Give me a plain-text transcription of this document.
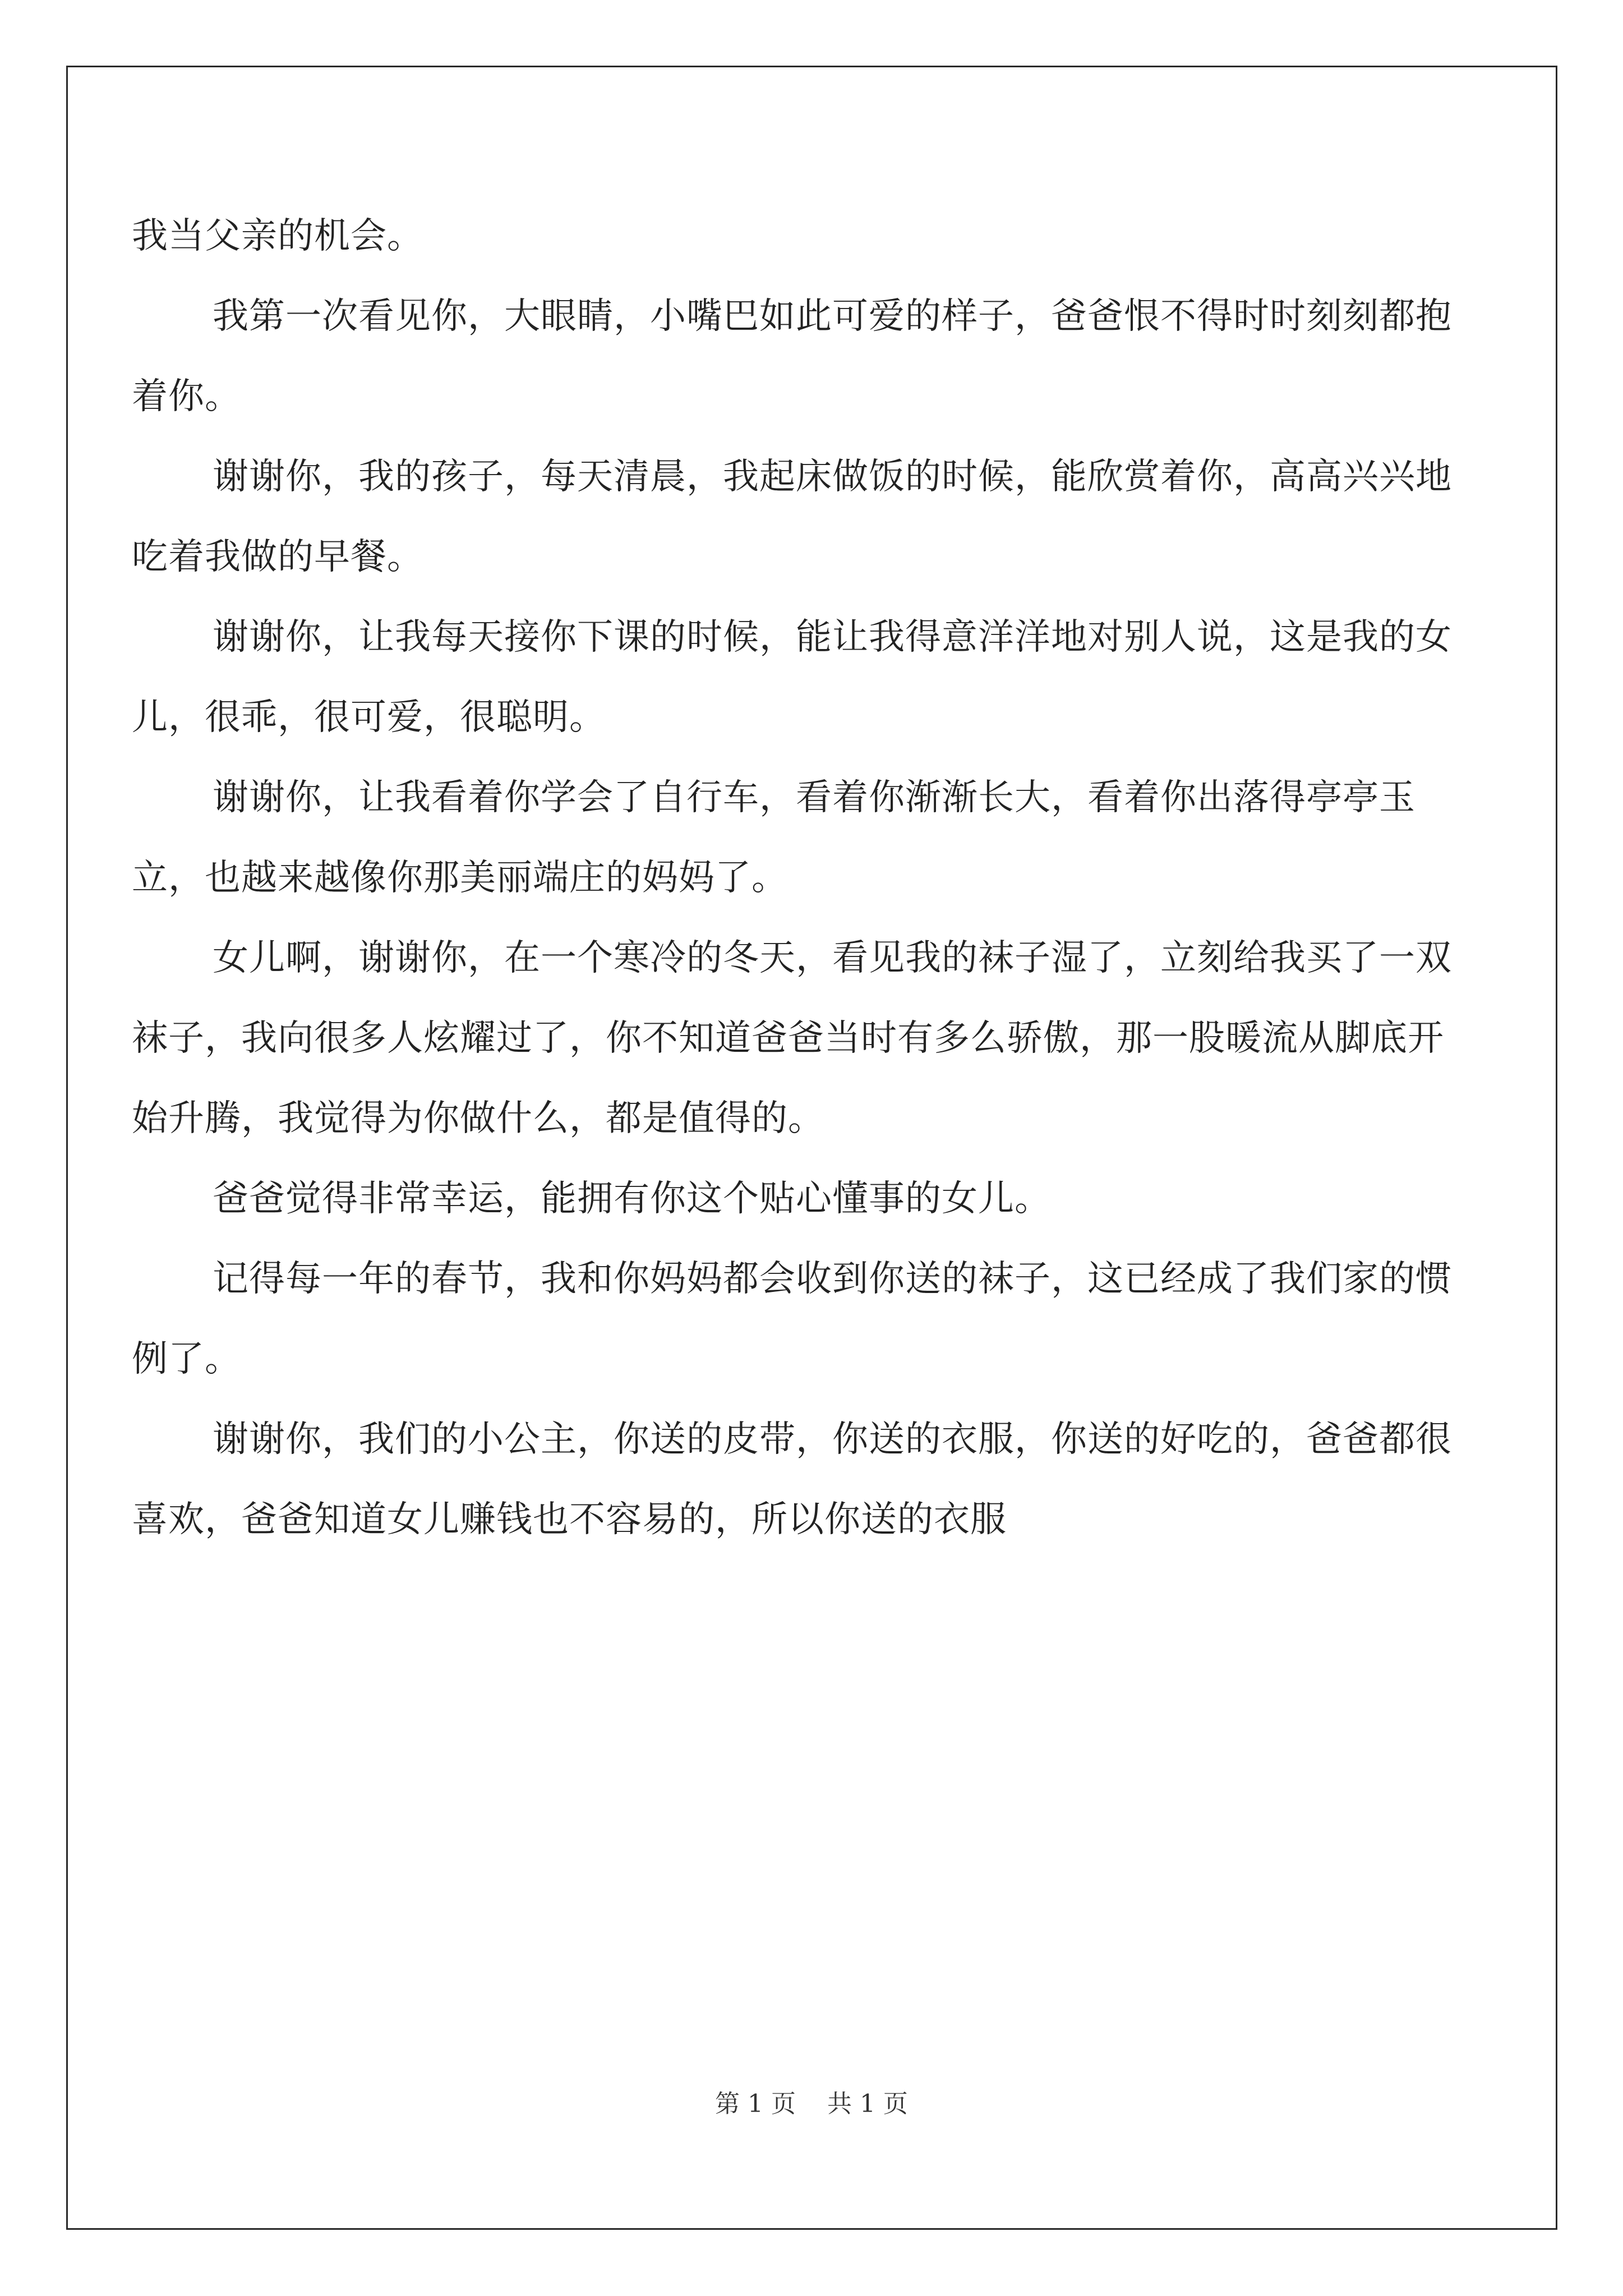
我当父亲的机会。

我第一次看见你，大眼睛，小嘴巴如此可爱的样子，爸爸恨不得时时刻刻都抱着你。

谢谢你，我的孩子，每天清晨，我起床做饭的时候，能欣赏着你，高高兴兴地吃着我做的早餐。

谢谢你，让我每天接你下课的时候，能让我得意洋洋地对别人说，这是我的女儿，很乖，很可爱，很聪明。

谢谢你，让我看着你学会了自行车，看着你渐渐长大，看着你出落得亭亭玉立，也越来越像你那美丽端庄的妈妈了。

女儿啊，谢谢你，在一个寒冷的冬天，看见我的袜子湿了，立刻给我买了一双袜子，我向很多人炫耀过了，你不知道爸爸当时有多么骄傲，那一股暖流从脚底开始升腾，我觉得为你做什么，都是值得的。

爸爸觉得非常幸运，能拥有你这个贴心懂事的女儿。

记得每一年的春节，我和你妈妈都会收到你送的袜子，这已经成了我们家的惯例了。

谢谢你，我们的小公主，你送的皮带，你送的衣服，你送的好吃的，爸爸都很喜欢，爸爸知道女儿赚钱也不容易的，所以你送的衣服

第 1 页 共 1 页
